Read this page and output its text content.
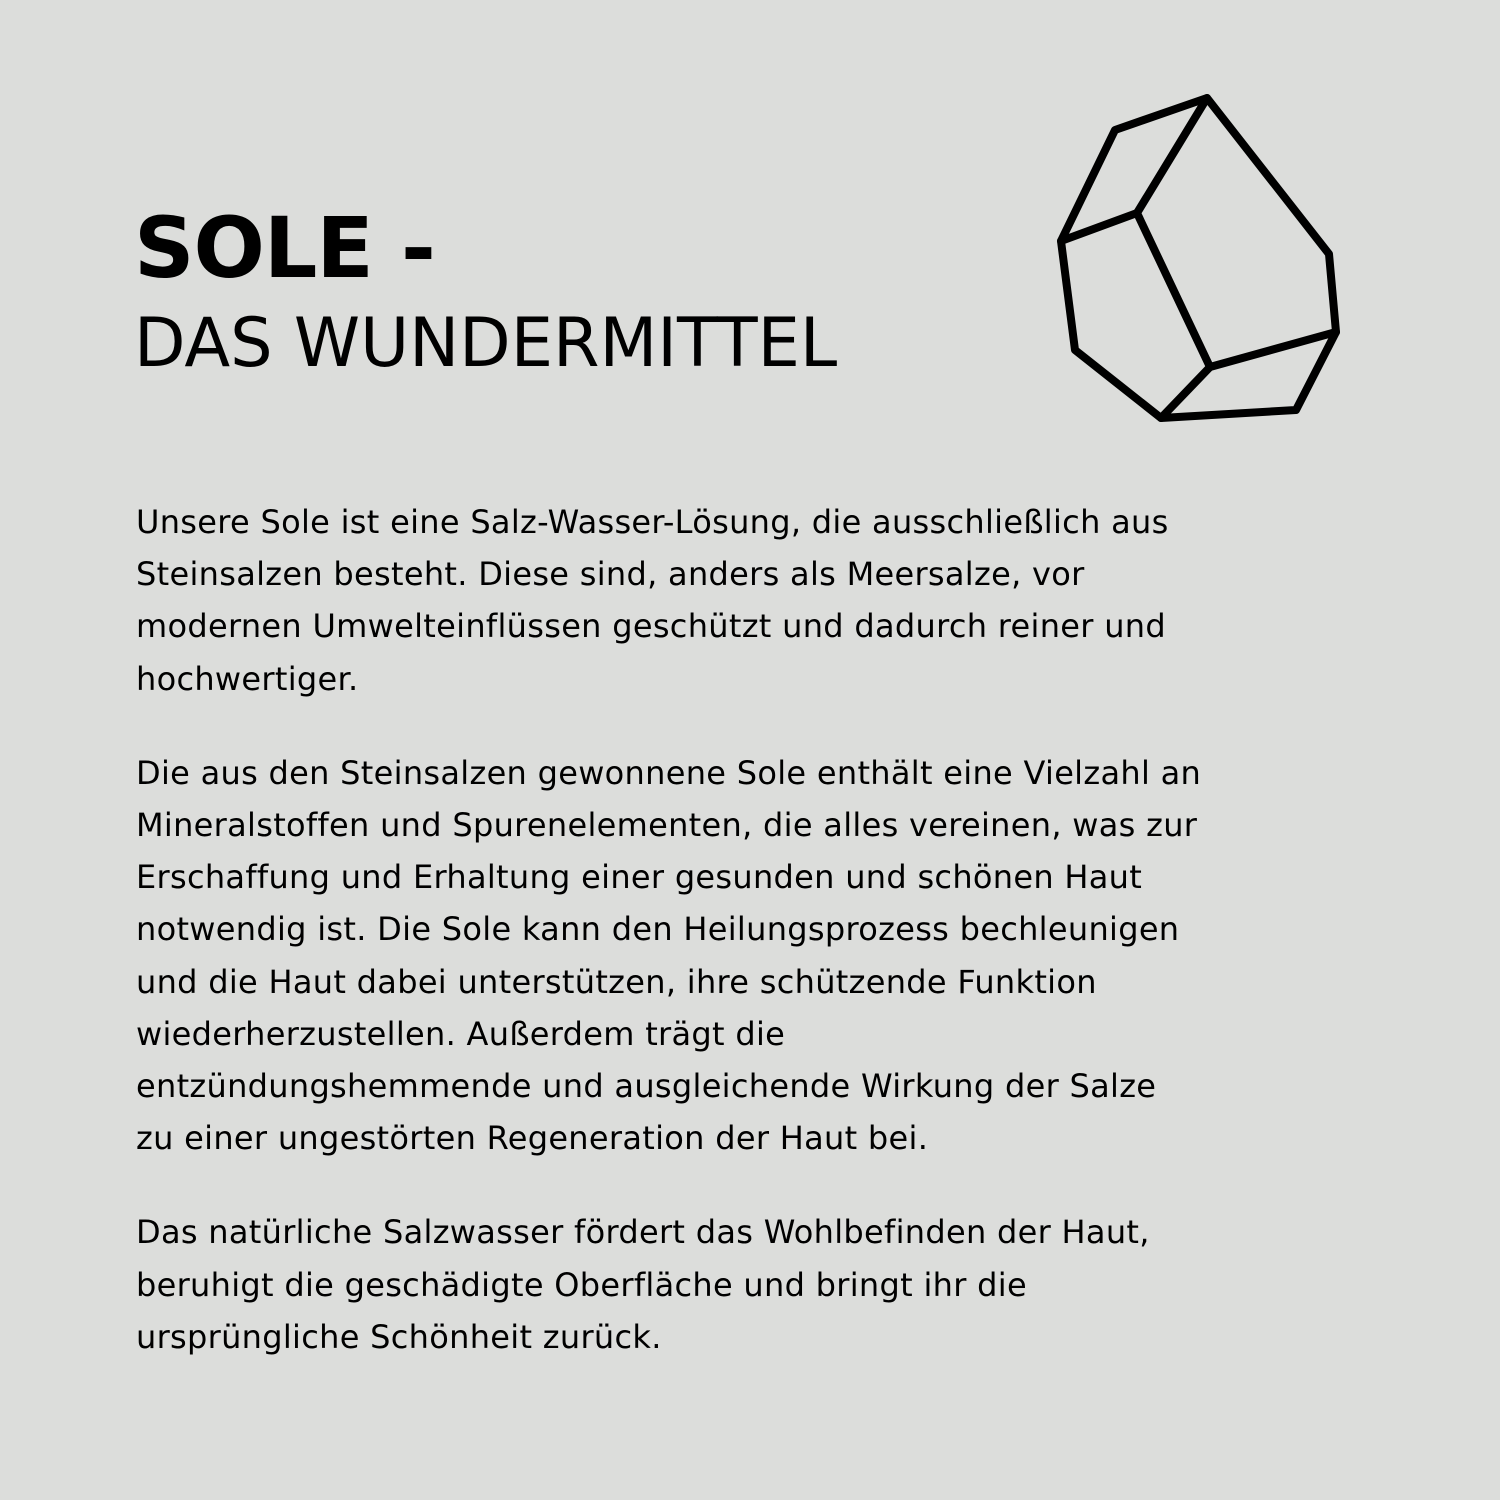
SOLE -
DAS WUNDERMITTEL

Unsere Sole ist eine Salz-Wasser-Lösung, die ausschließlich aus
Steinsalzen besteht. Diese sind, anders als Meersalze, vor
modernen Umwelteinflüssen geschützt und dadurch reiner und
hochwertiger.

Die aus den Steinsalzen gewonnene Sole enthält eine Vielzahl an
Mineralstoffen und Spurenelementen, die alles vereinen, was zur
Erschaffung und Erhaltung einer gesunden und schönen Haut
notwendig ist. Die Sole kann den Heilungsprozess bechleunigen
und die Haut dabei unterstützen, ihre schützende Funktion
wiederherzustellen. Außerdem trägt die
entzündungshemmende und ausgleichende Wirkung der Salze
zu einer ungestörten Regeneration der Haut bei.

Das natürliche Salzwasser fördert das Wohlbefinden der Haut,
beruhigt die geschädigte Oberfläche und bringt ihr die
ursprüngliche Schönheit zurück.
